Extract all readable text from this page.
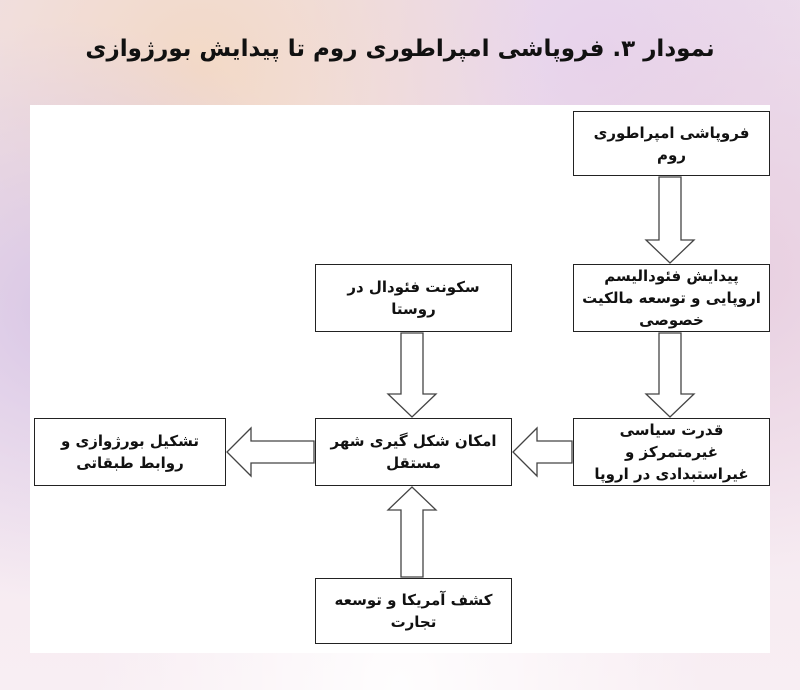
نمودار ۳. فروپاشی امپراطوری روم تا پیدایش بورژوازی
فروپاشی امپراطوری روم
پیدایش فئودالیسم اروپایی و توسعه مالکیت خصوصی
قدرت سیاسی غیرمتمرکز و غیراستبدادی در اروپا
سکونت فئودال در روستا
امکان شکل گیری شهر مستقل
کشف آمریکا و توسعه تجارت
تشکیل بورژوازی و روابط طبقاتی
